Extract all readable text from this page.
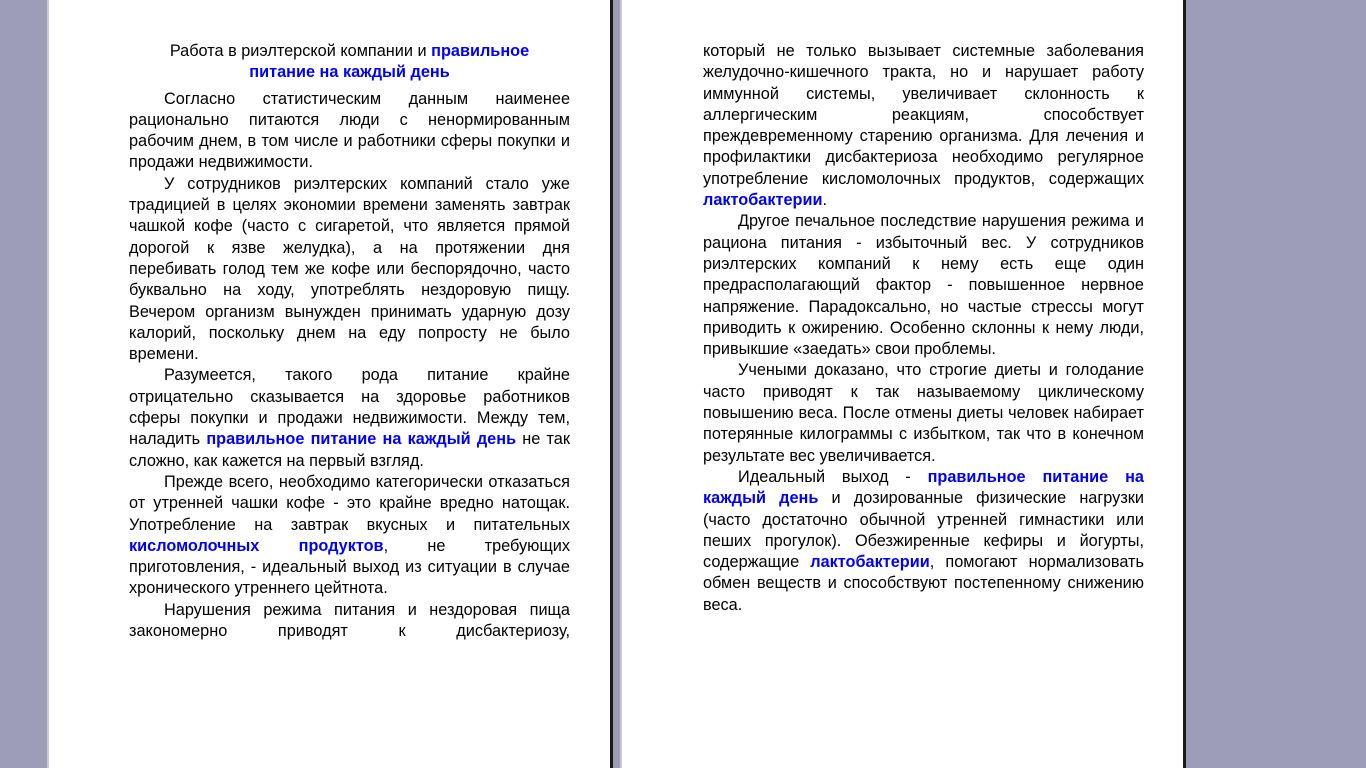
Работа в риэлтерской компании и правильное питание на каждый день

Согласно статистическим данным наименее рационально питаются люди с ненормированным рабочим днем, в том числе и работники сферы покупки и продажи недвижимости.

У сотрудников риэлтерских компаний стало уже традицией в целях экономии времени заменять завтрак чашкой кофе (часто с сигаретой, что является прямой дорогой к язве желудка), а на протяжении дня перебивать голод тем же кофе или беспорядочно, часто буквально на ходу, употреблять нездоровую пищу. Вечером организм вынужден принимать ударную дозу калорий, поскольку днем на еду попросту не было времени.

Разумеется, такого рода питание крайне отрицательно сказывается на здоровье работников сферы покупки и продажи недвижимости. Между тем, наладить правильное питание на каждый день не так сложно, как кажется на первый взгляд.

Прежде всего, необходимо категорически отказаться от утренней чашки кофе - это крайне вредно натощак. Употребление на завтрак вкусных и питательных кисломолочных продуктов, не требующих приготовления, - идеальный выход из ситуации в случае хронического утреннего цейтнота.

Нарушения режима питания и нездоровая пища закономерно приводят к дисбактериозу,

который не только вызывает системные заболевания желудочно-кишечного тракта, но и нарушает работу иммунной системы, увеличивает склонность к аллергическим реакциям, способствует преждевременному старению организма. Для лечения и профилактики дисбактериоза необходимо регулярное употребление кисломолочных продуктов, содержащих лактобактерии.

Другое печальное последствие нарушения режима и рациона питания - избыточный вес. У сотрудников риэлтерских компаний к нему есть еще один предрасполагающий фактор - повышенное нервное напряжение. Парадоксально, но частые стрессы могут приводить к ожирению. Особенно склонны к нему люди, привыкшие «заедать» свои проблемы.

Учеными доказано, что строгие диеты и голодание часто приводят к так называемому циклическому повышению веса. После отмены диеты человек набирает потерянные килограммы с избытком, так что в конечном результате вес увеличивается.

Идеальный выход - правильное питание на каждый день и дозированные физические нагрузки (часто достаточно обычной утренней гимнастики или пеших прогулок). Обезжиренные кефиры и йогурты, содержащие лактобактерии, помогают нормализовать обмен веществ и способствуют постепенному снижению веса.
